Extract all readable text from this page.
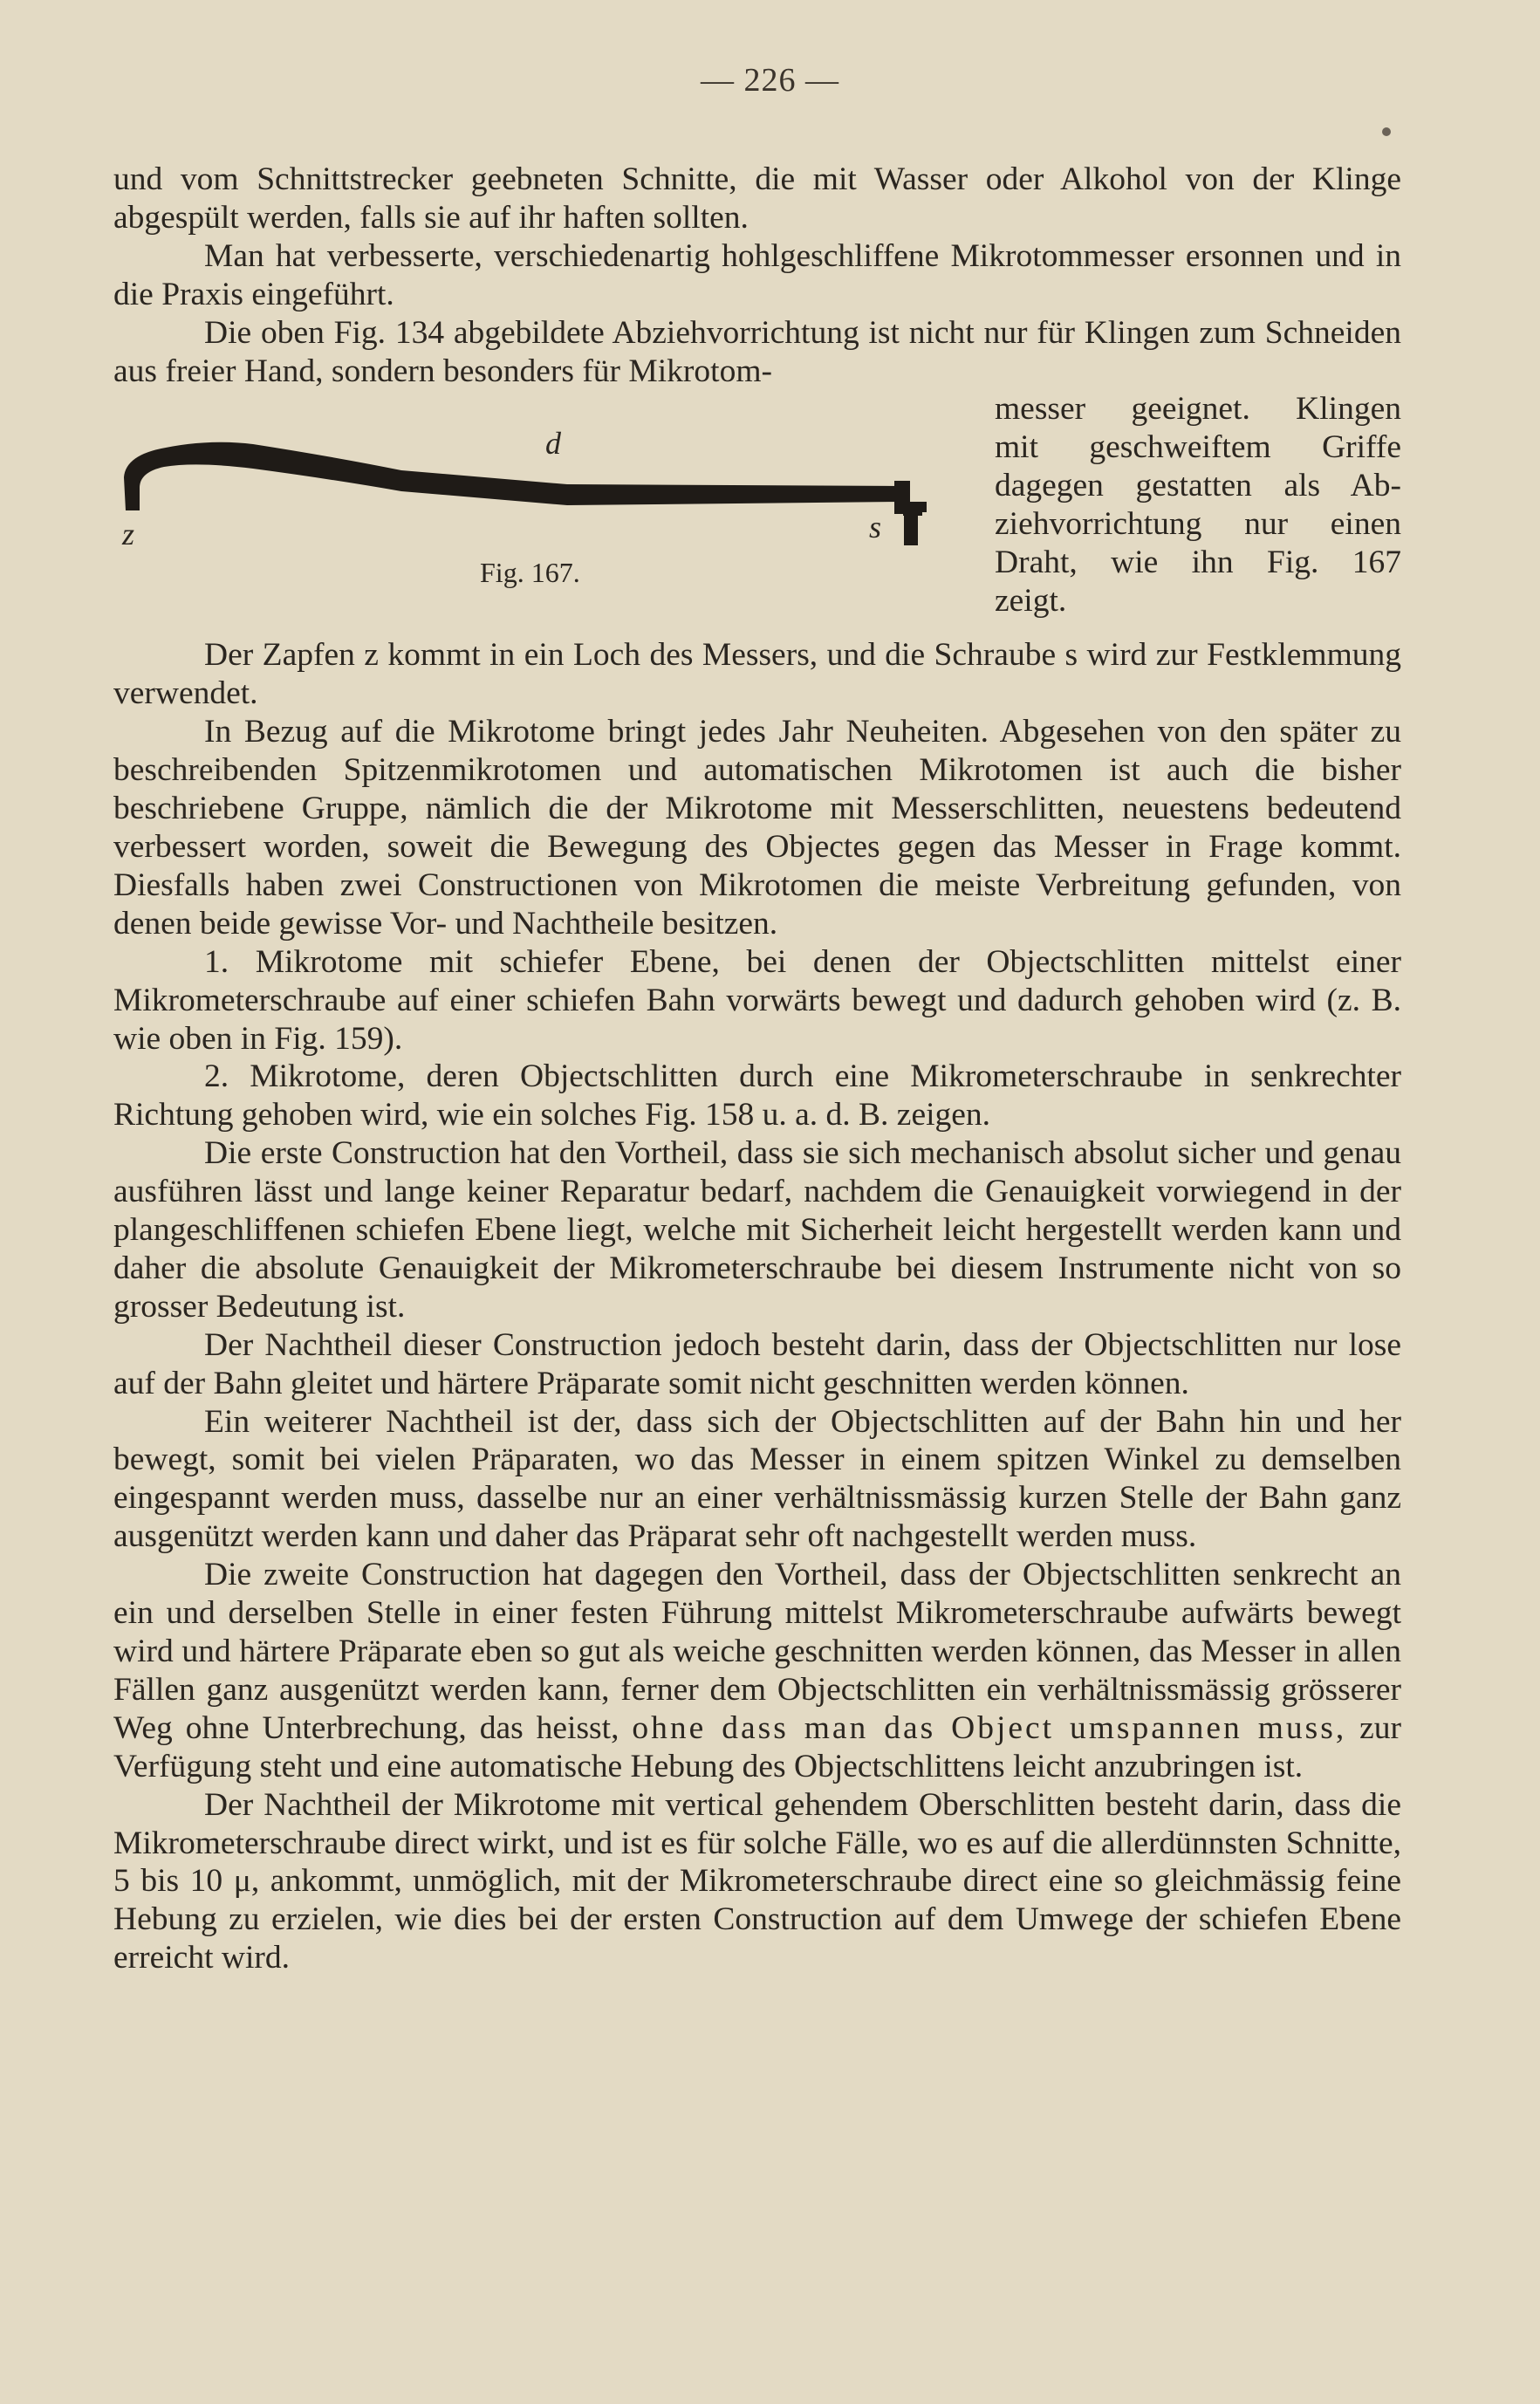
— 226 —

und vom Schnittstrecker geebneten Schnitte, die mit Wasser oder Alkohol von der Klinge abgespült werden, falls sie auf ihr haften sollten.

Man hat verbesserte, verschiedenartig hohlgeschliffene Mikrotommesser ersonnen und in die Praxis eingeführt.

Die oben Fig. 134 abgebildete Abziehvorrichtung ist nicht nur für Klingen zum Schneiden aus freier Hand, sondern besonders für Mikrotom-

d
z	s
Fig. 167.
messer geeignet. Klingen
mit geschweiftem Griffe
dagegen gestatten als Ab-
ziehvorrichtung nur einen
Draht, wie ihn Fig. 167
zeigt.

Der Zapfen z kommt in ein Loch des Messers, und die Schraube s wird zur Festklemmung verwendet.

In Bezug auf die Mikrotome bringt jedes Jahr Neuheiten. Abgesehen von den später zu beschreibenden Spitzenmikrotomen und automatischen Mikrotomen ist auch die bisher beschriebene Gruppe, nämlich die der Mikrotome mit Messerschlitten, neuestens bedeutend verbessert worden, soweit die Bewegung des Objectes gegen das Messer in Frage kommt. Diesfalls haben zwei Constructionen von Mikrotomen die meiste Verbreitung gefunden, von denen beide gewisse Vor- und Nachtheile besitzen.

1. Mikrotome mit schiefer Ebene, bei denen der Objectschlitten mittelst einer Mikrometerschraube auf einer schiefen Bahn vorwärts bewegt und dadurch gehoben wird (z. B. wie oben in Fig. 159).

2. Mikrotome, deren Objectschlitten durch eine Mikrometerschraube in senkrechter Richtung gehoben wird, wie ein solches Fig. 158 u. a. d. B. zeigen.

Die erste Construction hat den Vortheil, dass sie sich mechanisch absolut sicher und genau ausführen lässt und lange keiner Reparatur bedarf, nachdem die Genauigkeit vorwiegend in der plangeschliffenen schiefen Ebene liegt, welche mit Sicherheit leicht hergestellt werden kann und daher die absolute Genauigkeit der Mikrometerschraube bei diesem Instrumente nicht von so grosser Bedeutung ist.

Der Nachtheil dieser Construction jedoch besteht darin, dass der Objectschlitten nur lose auf der Bahn gleitet und härtere Präparate somit nicht geschnitten werden können.

Ein weiterer Nachtheil ist der, dass sich der Objectschlitten auf der Bahn hin und her bewegt, somit bei vielen Präparaten, wo das Messer in einem spitzen Winkel zu demselben eingespannt werden muss, dasselbe nur an einer verhältnissmässig kurzen Stelle der Bahn ganz ausgenützt werden kann und daher das Präparat sehr oft nachgestellt werden muss.

Die zweite Construction hat dagegen den Vortheil, dass der Objectschlitten senkrecht an ein und derselben Stelle in einer festen Führung mittelst Mikrometerschraube aufwärts bewegt wird und härtere Präparate eben so gut als weiche geschnitten werden können, das Messer in allen Fällen ganz ausgenützt werden kann, ferner dem Objectschlitten ein verhältnissmässig grösserer Weg ohne Unterbrechung, das heisst, ohne dass man das Object umspannen muss, zur Verfügung steht und eine automatische Hebung des Objectschlittens leicht anzubringen ist.

Der Nachtheil der Mikrotome mit vertical gehendem Oberschlitten besteht darin, dass die Mikrometerschraube direct wirkt, und ist es für solche Fälle, wo es auf die allerdünnsten Schnitte, 5 bis 10 μ, ankommt, unmöglich, mit der Mikrometerschraube direct eine so gleichmässig feine Hebung zu erzielen, wie dies bei der ersten Construction auf dem Umwege der schiefen Ebene erreicht wird.
